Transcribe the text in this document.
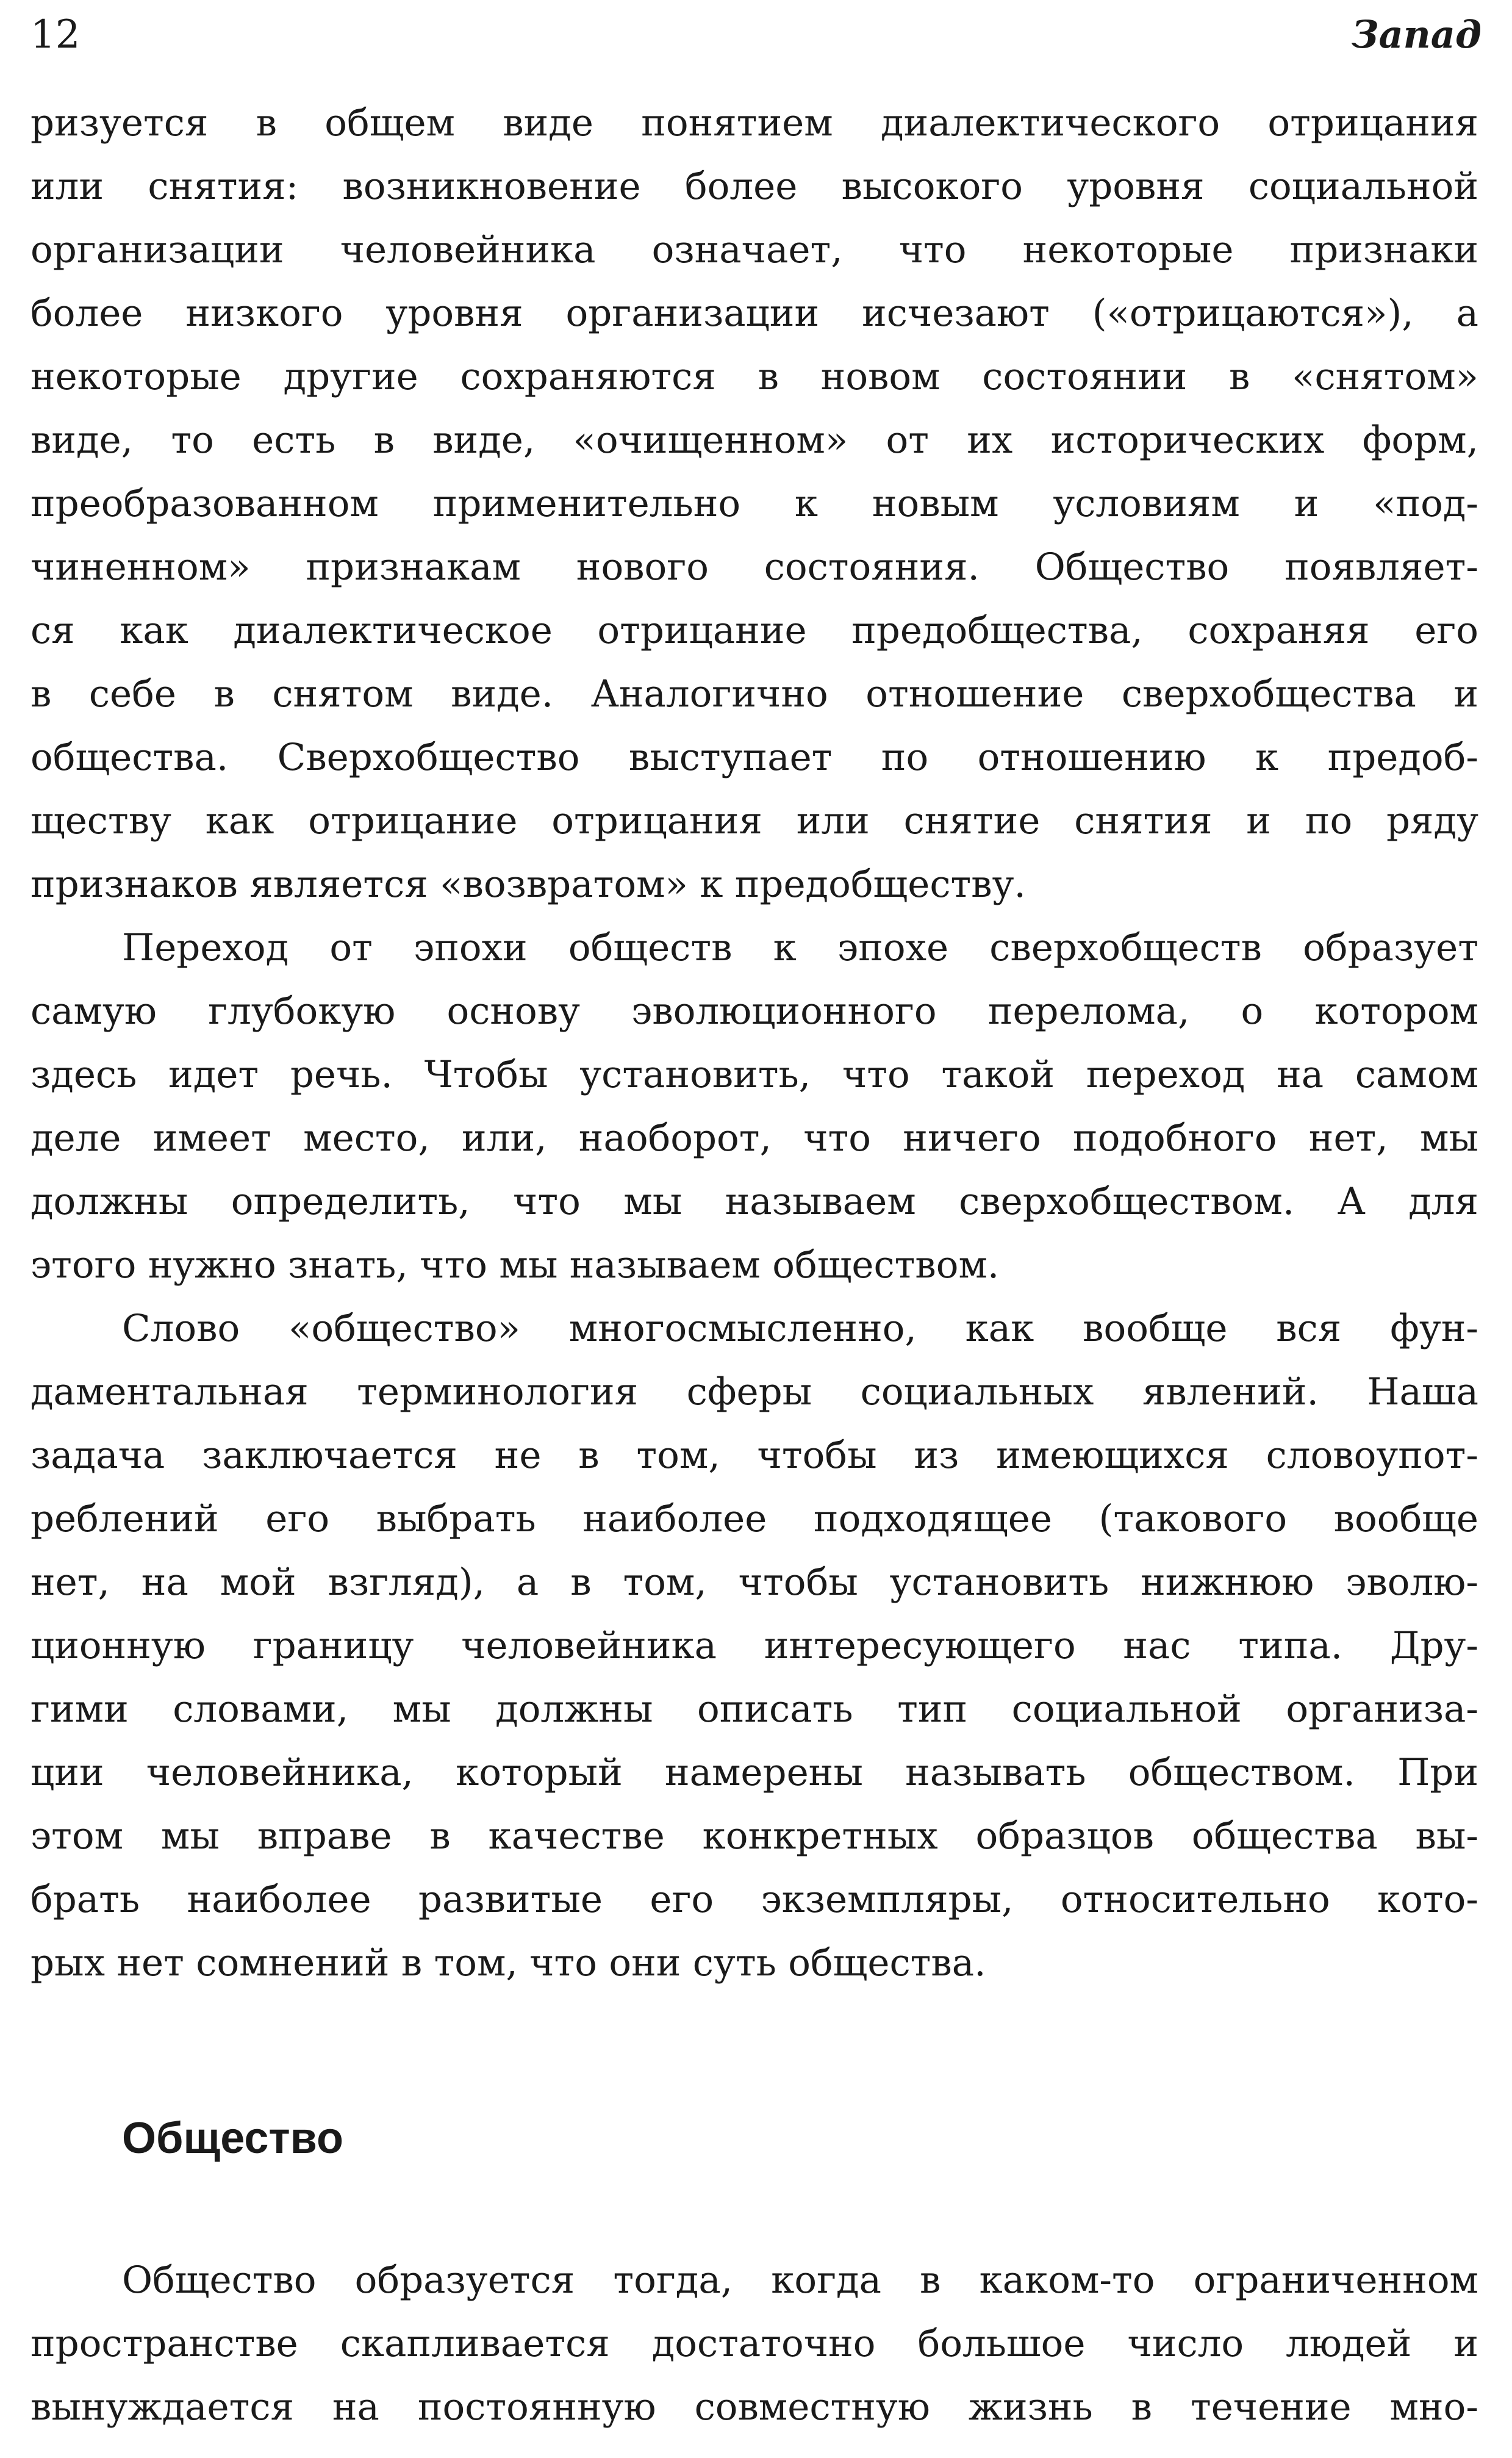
12	Запад
ризуется в общем виде понятием диалектического отрицания
или снятия: возникновение более высокого уровня социальной
организации человейника означает, что некоторые признаки
более низкого уровня организации исчезают («отрицаются»), а
некоторые другие сохраняются в новом состоянии в «снятом»
виде, то есть в виде, «очищенном» от их исторических форм,
преобразованном применительно к новым условиям и «под-
чиненном» признакам нового состояния. Общество появляет-
ся как диалектическое отрицание предобщества, сохраняя его
в себе в снятом виде. Аналогично отношение сверхобщества и
общества. Сверхобщество выступает по отношению к предоб-
ществу как отрицание отрицания или снятие снятия и по ряду
признаков является «возвратом» к предобществу.
Переход от эпохи обществ к эпохе сверхобществ образует
самую глубокую основу эволюционного перелома, о котором
здесь идет речь. Чтобы установить, что такой переход на самом
деле имеет место, или, наоборот, что ничего подобного нет, мы
должны определить, что мы называем сверхобществом. А для
этого нужно знать, что мы называем обществом.
Слово «общество» многосмысленно, как вообще вся фун-
даментальная терминология сферы социальных явлений. Наша
задача заключается не в том, чтобы из имеющихся словоупот-
реблений его выбрать наиболее подходящее (такового вообще
нет, на мой взгляд), а в том, чтобы установить нижнюю эволю-
ционную границу человейника интересующего нас типа. Дру-
гими словами, мы должны описать тип социальной организа-
ции человейника, который намерены называть обществом. При
этом мы вправе в качестве конкретных образцов общества вы-
брать наиболее развитые его экземпляры, относительно кото-
рых нет сомнений в том, что они суть общества.
Общество
Общество образуется тогда, когда в каком-то ограниченном
пространстве скапливается достаточно большое число людей и
вынуждается на постоянную совместную жизнь в течение мно-
